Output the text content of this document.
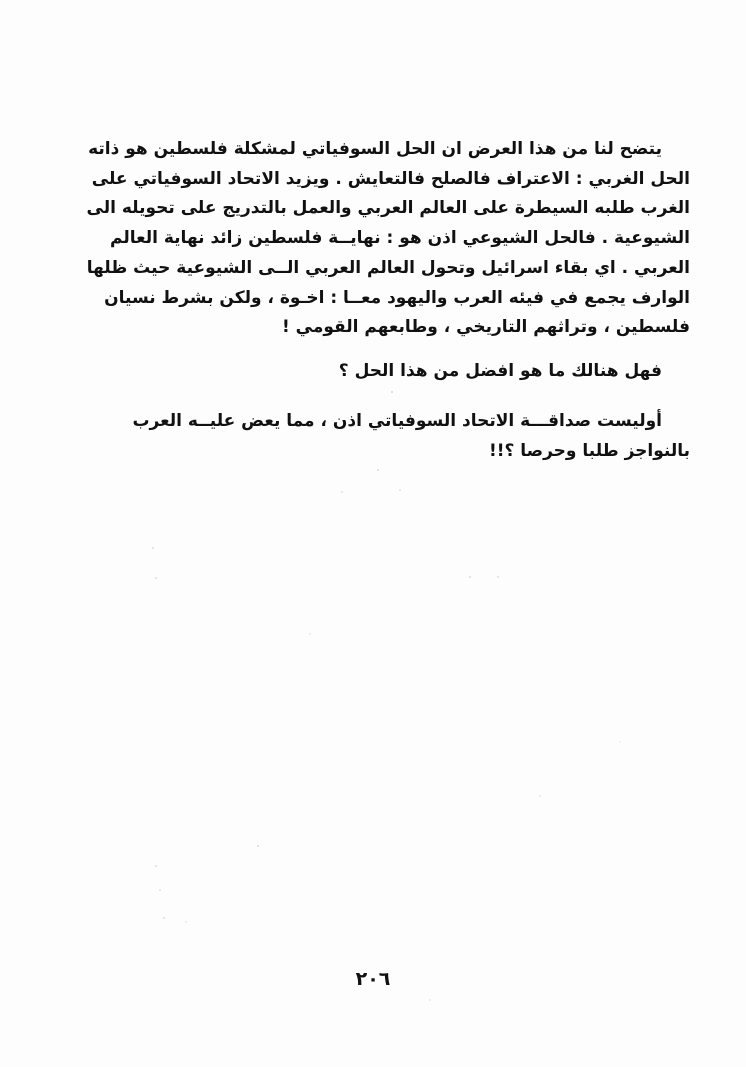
يتضح لنا من هذا العرض ان الحل السوفياتي لمشكلة فلسطين هو ذاته
الحل الغربي : الاعتراف فالصلح فالتعايش . ويزيد الاتحاد السوفياتي على
الغرب طلبه السيطرة على العالم العربي والعمل بالتدريج على تحويله الى
الشيوعية . فالحل الشيوعي اذن هو : نهايــة فلسطين زائد نهاية العالم
العربي . اي بقاء اسرائيل وتحول العالم العربي الــى الشيوعية حيث ظلها
الوارف يجمع في فيئه العرب واليهود معــا : اخـوة ، ولكن بشرط نسيان
فلسطين ، وتراثهم التاريخي ، وطابعهم القومي !
فهل هنالك ما هو افضل من هذا الحل ؟
أوليست صداقـــة الاتحاد السوفياتي اذن ، مما يعض عليــه العرب
بالنواجز طلبا وحرصا ؟!!
٢٠٦
